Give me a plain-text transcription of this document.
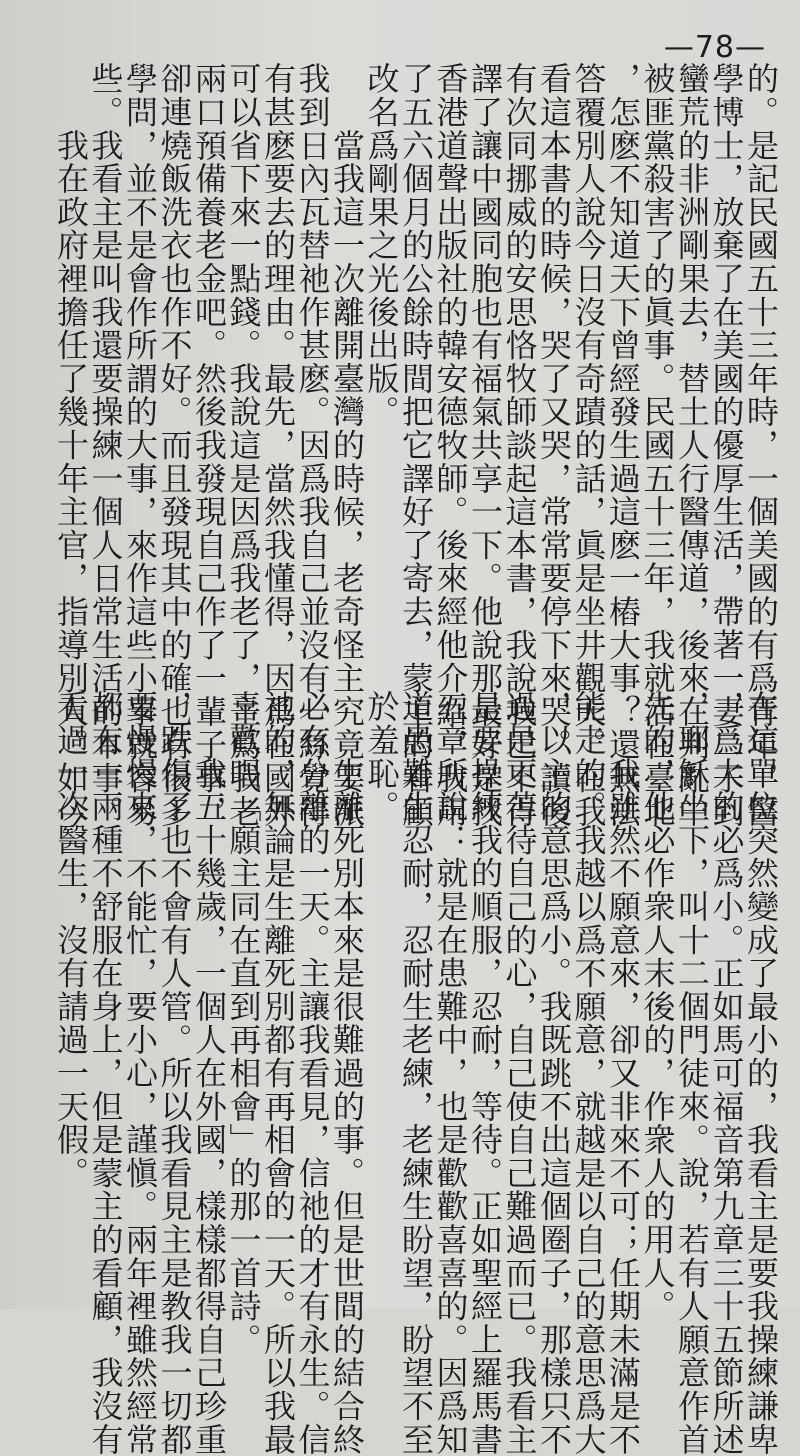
—78—
的。是記民國五十三年時，一個美國的有爲青年，醫
學博士，放棄了在美國的優厚生活，帶著一妻二子到
蠻荒的非洲剛果去，替土人行醫傳道，後來在判亂中
被匪黨殺害了的眞事。民國五十三年，我就活在臺北
，怎麽不知道天下曾經發生過這麽一樁大事？還無法
答覆別人說今日沒有奇蹟的話，眞是坐井觀天。在我
看這本書的時候，哭了又哭，常常要停下來哭。讀後
有次同挪威的安思恪牧師談起這本書，我說我巴不得
譯了讓中國同胞也有福氣共享一下。他說那最好是找
香港道聲出版社的韓安德牧師。後來經他介紹，我用
了五六個月的公餘時間把它譯好了寄去，蒙主的看顧
改名爲剛果之光後出版。
　　當我這一次離開臺灣的時候，老奇怪主究竟要派
我到日內瓦替祂作甚麽。因爲我自己並沒有一絲覺得
有甚麽要去的理由。最先，當然我懂得，因爲在國外
可以省下來一點錢。我說這是因爲我老了，主爲我老
兩口預備養老金吧。然後我發現自己作了一輩子事，
卻連燒飯洗衣也作不好。而且發現其中的確也有很多
學問，並不是會作所謂的大事，來作這些小事就容易
些。我看主是叫我還要操練一個人日常生活的本事。
　　我在政府裡擔任了幾十年主官，指導別人。如今
在這單位突然變成了最小的，我看主是要我操練謙卑
，爲大的必爲小。正如馬可福音第九章三十五節所述
，耶穌坐下，叫十二個門徒來。說，若有人願意作首
先的，他必作衆人末後的，作衆人的用人。
　　我雖然不願意來，卻又非來不可；任期未滿是不
能走的。我越以爲不願意，就越是以自己的意思爲大
，以主的意思爲小。我既跳不出這個圈子，那樣只不
過是更苦待自己的心，自己使自己難過而已。我看主
是要操練我的順服，忍耐，等待。正如聖經上羅馬書
五章所說：就是在患難中，也是歡歡喜喜的。因爲知
道患難生忍耐，忍耐生老練，老練生盼望，盼望不至
於羞恥。
　　生離死別本來是很難過的事。但是世間的結合終
必有分離的一天。主讓我看見，信祂的才有永生。信
祂的，無論是生離死別都有再相會的一天。所以我最
喜歡唱「願主同在直到再相會」的那一首詩。
　　我五十幾歲，一個人在外國，樣樣都得自己珍重
，跌傷了也不會有人管。所以我看見主是教我一切都
要慢慢來，不能忙，要小心，謹愼。兩年裡雖然經常
都有一兩種不舒服在身上，但是蒙主的看顧，我沒有
看過一次醫生，沒有請過一天假。
